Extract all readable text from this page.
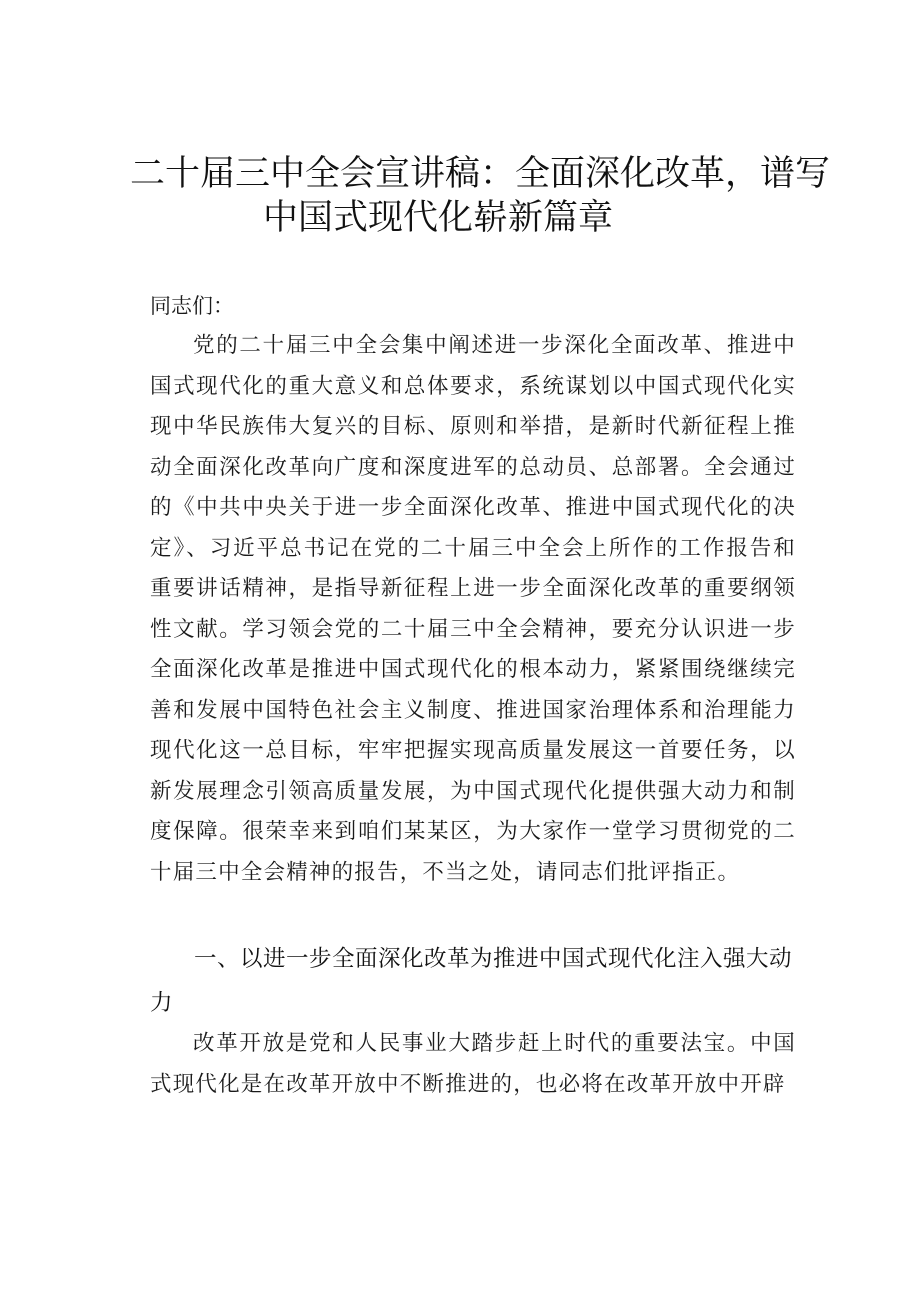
二十届三中全会宣讲稿：全面深化改革，谱写
中国式现代化崭新篇章

同志们：

党的二十届三中全会集中阐述进一步深化全面改革、推进中国式现代化的重大意义和总体要求，系统谋划以中国式现代化实现中华民族伟大复兴的目标、原则和举措，是新时代新征程上推动全面深化改革向广度和深度进军的总动员、总部署。全会通过的《中共中央关于进一步全面深化改革、推进中国式现代化的决定》、习近平总书记在党的二十届三中全会上所作的工作报告和重要讲话精神，是指导新征程上进一步全面深化改革的重要纲领性文献。学习领会党的二十届三中全会精神，要充分认识进一步全面深化改革是推进中国式现代化的根本动力，紧紧围绕继续完善和发展中国特色社会主义制度、推进国家治理体系和治理能力现代化这一总目标，牢牢把握实现高质量发展这一首要任务，以新发展理念引领高质量发展，为中国式现代化提供强大动力和制度保障。很荣幸来到咱们某某区，为大家作一堂学习贯彻党的二十届三中全会精神的报告，不当之处，请同志们批评指正。

一、以进一步全面深化改革为推进中国式现代化注入强大动力

改革开放是党和人民事业大踏步赶上时代的重要法宝。中国式现代化是在改革开放中不断推进的，也必将在改革开放中开辟
